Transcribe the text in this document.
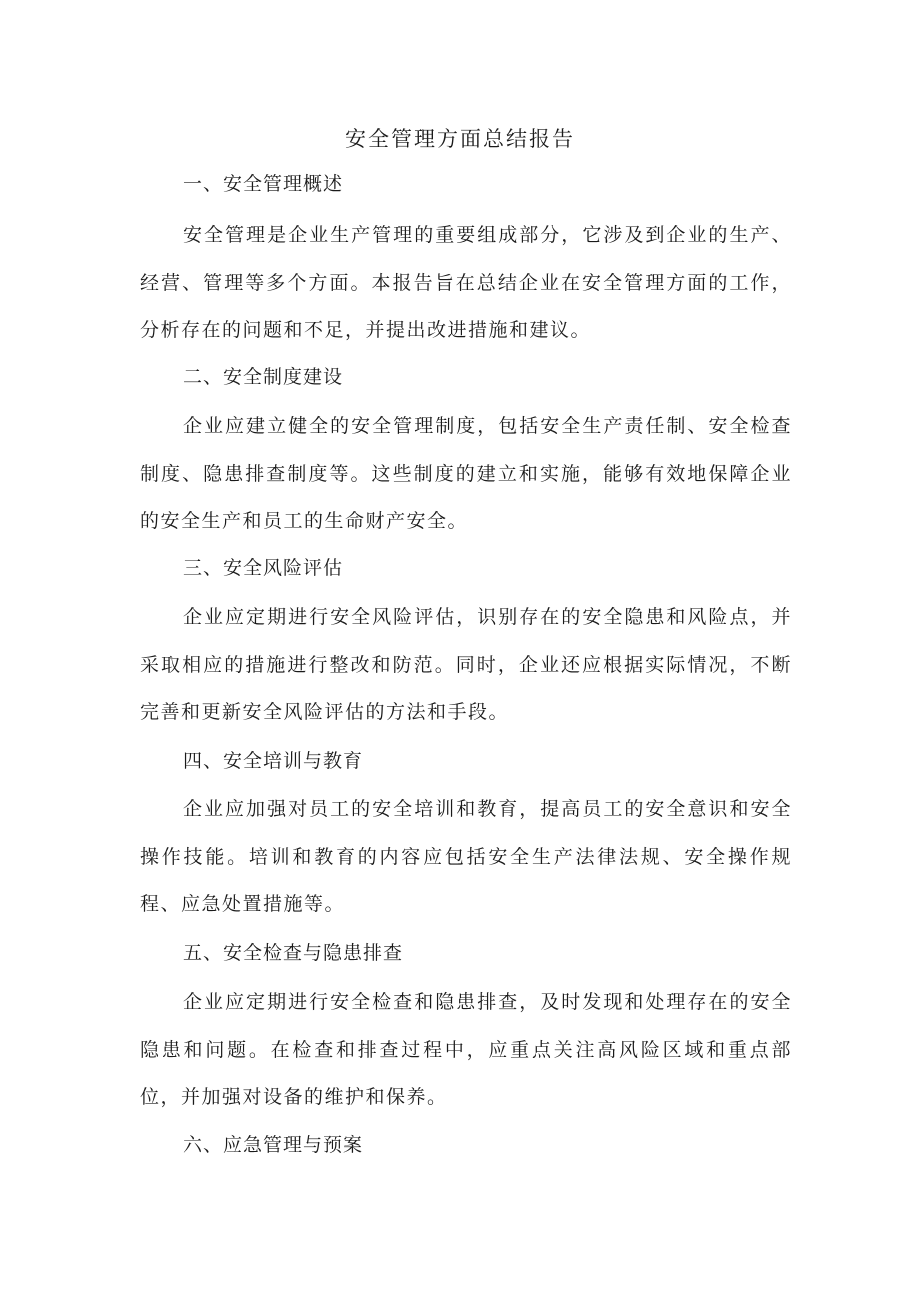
安全管理方面总结报告
一、安全管理概述

安全管理是企业生产管理的重要组成部分，它涉及到企业的生产、经营、管理等多个方面。本报告旨在总结企业在安全管理方面的工作，分析存在的问题和不足，并提出改进措施和建议。

二、安全制度建设

企业应建立健全的安全管理制度，包括安全生产责任制、安全检查制度、隐患排查制度等。这些制度的建立和实施，能够有效地保障企业的安全生产和员工的生命财产安全。

三、安全风险评估

企业应定期进行安全风险评估，识别存在的安全隐患和风险点，并采取相应的措施进行整改和防范。同时，企业还应根据实际情况，不断完善和更新安全风险评估的方法和手段。

四、安全培训与教育

企业应加强对员工的安全培训和教育，提高员工的安全意识和安全操作技能。培训和教育的内容应包括安全生产法律法规、安全操作规程、应急处置措施等。

五、安全检查与隐患排查

企业应定期进行安全检查和隐患排查，及时发现和处理存在的安全隐患和问题。在检查和排查过程中，应重点关注高风险区域和重点部位，并加强对设备的维护和保养。

六、应急管理与预案
